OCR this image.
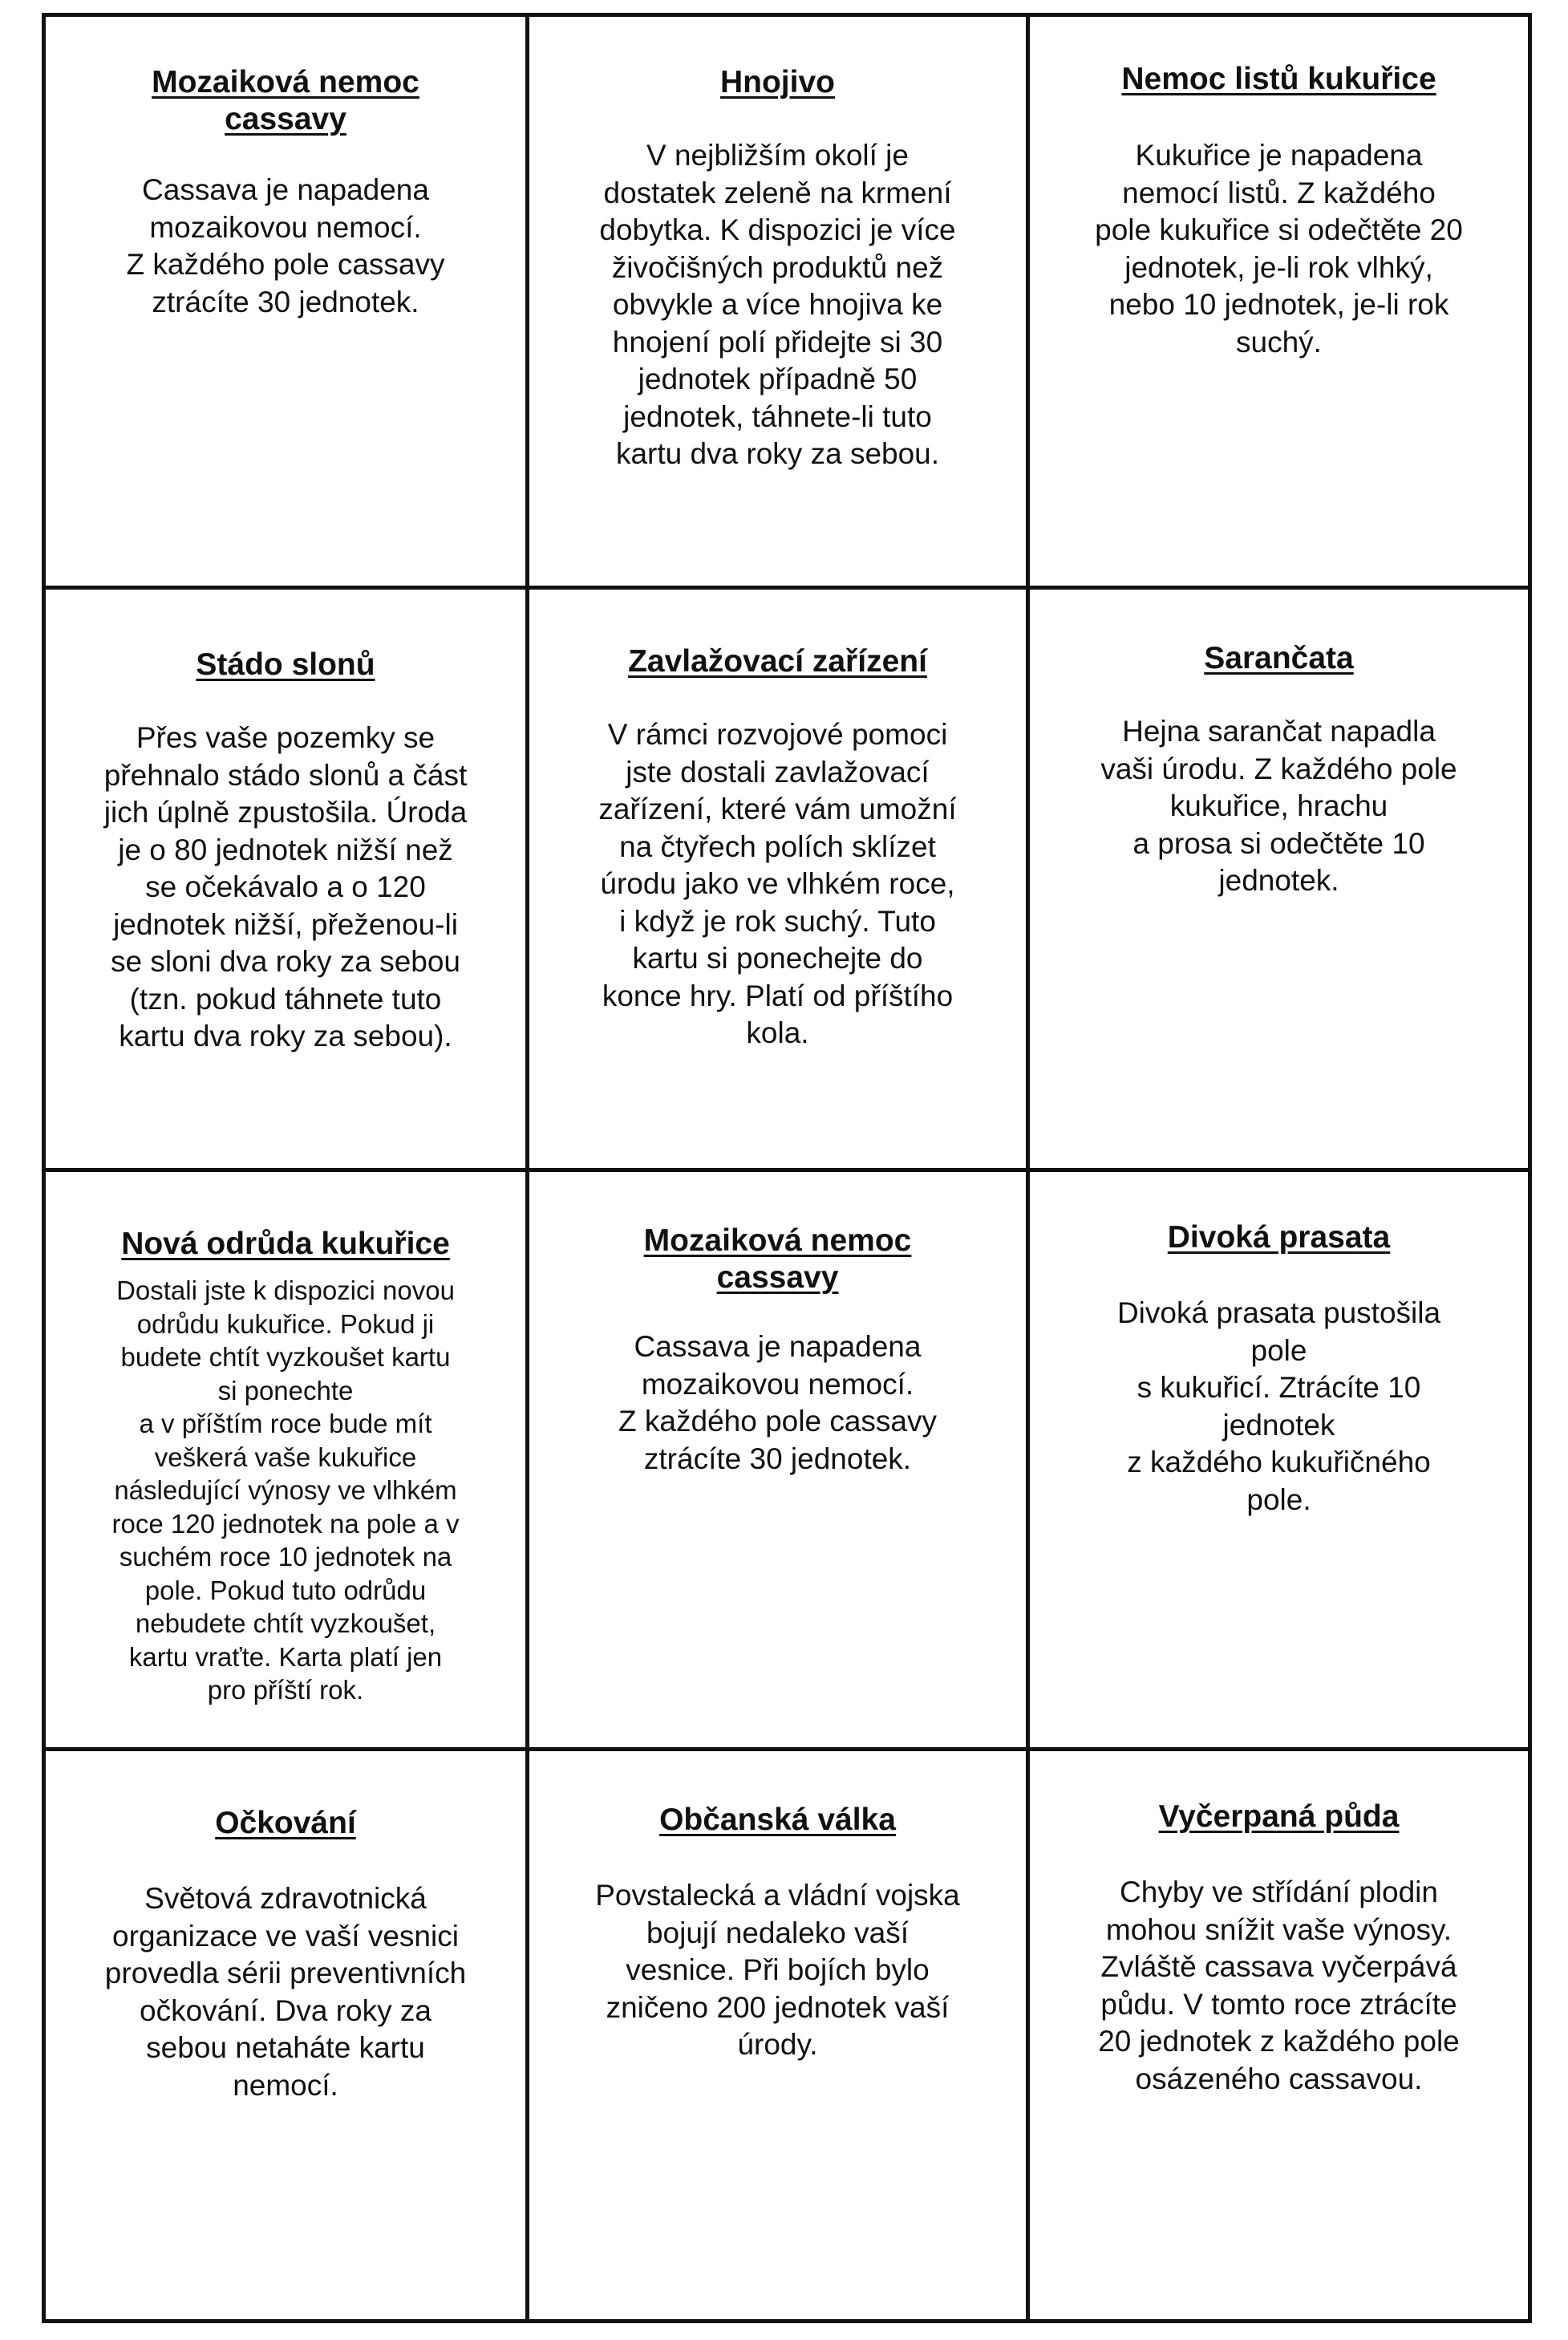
Mozaiková nemoc
cassavy
Cassava je napadena
mozaikovou nemocí.
Z každého pole cassavy
ztrácíte 30 jednotek.
Hnojivo
V nejbližším okolí je
dostatek zeleně na krmení
dobytka. K dispozici je více
živočišných produktů než
obvykle a více hnojiva ke
hnojení polí přidejte si 30
jednotek případně 50
jednotek, táhnete-li tuto
kartu dva roky za sebou.
Nemoc listů kukuřice
Kukuřice je napadena
nemocí listů. Z každého
pole kukuřice si odečtěte 20
jednotek, je-li rok vlhký,
nebo 10 jednotek, je-li rok
suchý.
Stádo slonů
Přes vaše pozemky se
přehnalo stádo slonů a část
jich úplně zpustošila. Úroda
je o 80 jednotek nižší než
se očekávalo a o 120
jednotek nižší, přeženou-li
se sloni dva roky za sebou
(tzn. pokud táhnete tuto
kartu dva roky za sebou).
Zavlažovací zařízení
V rámci rozvojové pomoci
jste dostali zavlažovací
zařízení, které vám umožní
na čtyřech polích sklízet
úrodu jako ve vlhkém roce,
i když je rok suchý. Tuto
kartu si ponechejte do
konce hry. Platí od příštího
kola.
Sarančata
Hejna sarančat napadla
vaši úrodu. Z každého pole
kukuřice, hrachu
a prosa si odečtěte 10
jednotek.
Nová odrůda kukuřice
Dostali jste k dispozici novou
odrůdu kukuřice. Pokud ji
budete chtít vyzkoušet kartu
si ponechte
a v příštím roce bude mít
veškerá vaše kukuřice
následující výnosy ve vlhkém
roce 120 jednotek na pole a v
suchém roce 10 jednotek na
pole. Pokud tuto odrůdu
nebudete chtít vyzkoušet,
kartu vraťte. Karta platí jen
pro příští rok.
Mozaiková nemoc
cassavy
Cassava je napadena
mozaikovou nemocí.
Z každého pole cassavy
ztrácíte 30 jednotek.
Divoká prasata
Divoká prasata pustošila
pole
s kukuřicí. Ztrácíte 10
jednotek
z každého kukuřičného
pole.
Očkování
Světová zdravotnická
organizace ve vaší vesnici
provedla sérii preventivních
očkování. Dva roky za
sebou netaháte kartu
nemocí.
Občanská válka
Povstalecká a vládní vojska
bojují nedaleko vaší
vesnice. Při bojích bylo
zničeno 200 jednotek vaší
úrody.
Vyčerpaná půda
Chyby ve střídání plodin
mohou snížit vaše výnosy.
Zvláště cassava vyčerpává
půdu. V tomto roce ztrácíte
20 jednotek z každého pole
osázeného cassavou.
